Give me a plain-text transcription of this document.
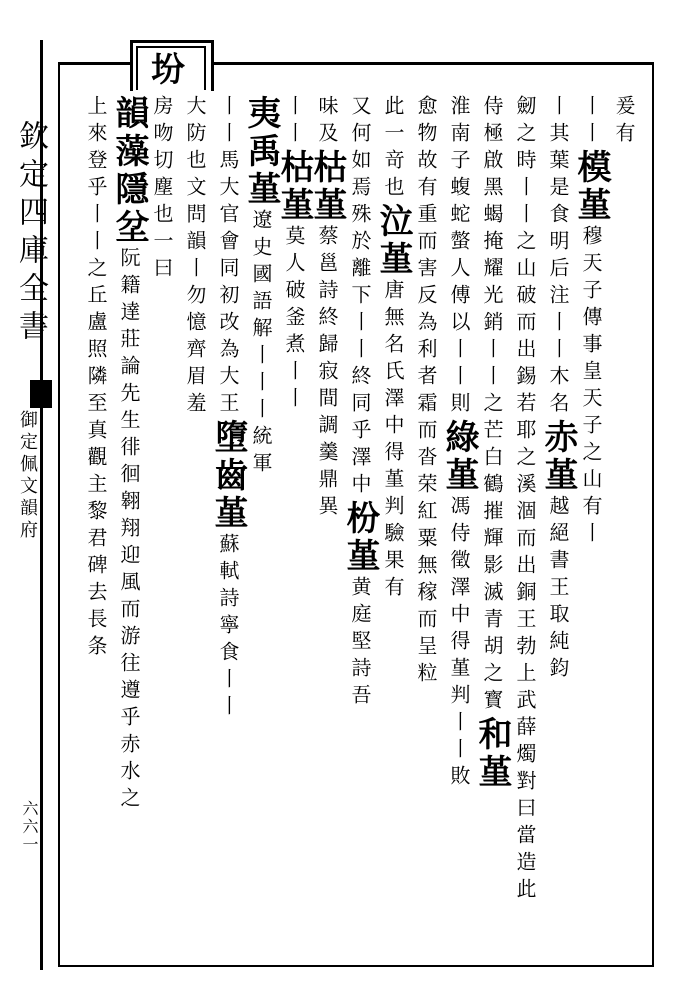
欽定四庫全書
御定佩文韻府
六六一
坋
爰有
丨丨模堇穆天子傳事皇天子之山有丨
丨其葉是食明后注丨丨木名赤堇越絕書王取純鈞
劒之時丨丨之山破而出錫若耶之溪涸而出銅王勃上武薛燭對曰當造此
侍極啟黑蝎掩耀光銷丨丨之芒白鶴摧輝影滅青胡之寳和堇
淮南子蝮蛇螫人傅以丨丨則綠堇馮侍徵澤中得堇判丨丨敗
愈物故有重而害反為利者霜而沓荣紅粟無稼而呈粒
此一竒也泣堇唐無名氏澤中得堇判驗果有
又何如焉殊於離下丨丨終同乎澤中枌堇黄庭堅詩吾
味及枯堇蔡邕詩終歸寂間調羹鼎異
丨丨枯堇莫人破釜煮丨丨
夷禹堇遼史國語解丨丨丨統軍
丨丨馬大官會同初改為大王墮齒堇蘇軾詩寧食丨丨
大防也文問韻丨勿憶齊眉羞
房吻切塵也一曰
韻藻隱坌阮籍達莊論先生徘徊翱翔迎風而游往遵乎赤水之
上來登乎丨丨之丘盧照隣至真觀主黎君碑去長条
